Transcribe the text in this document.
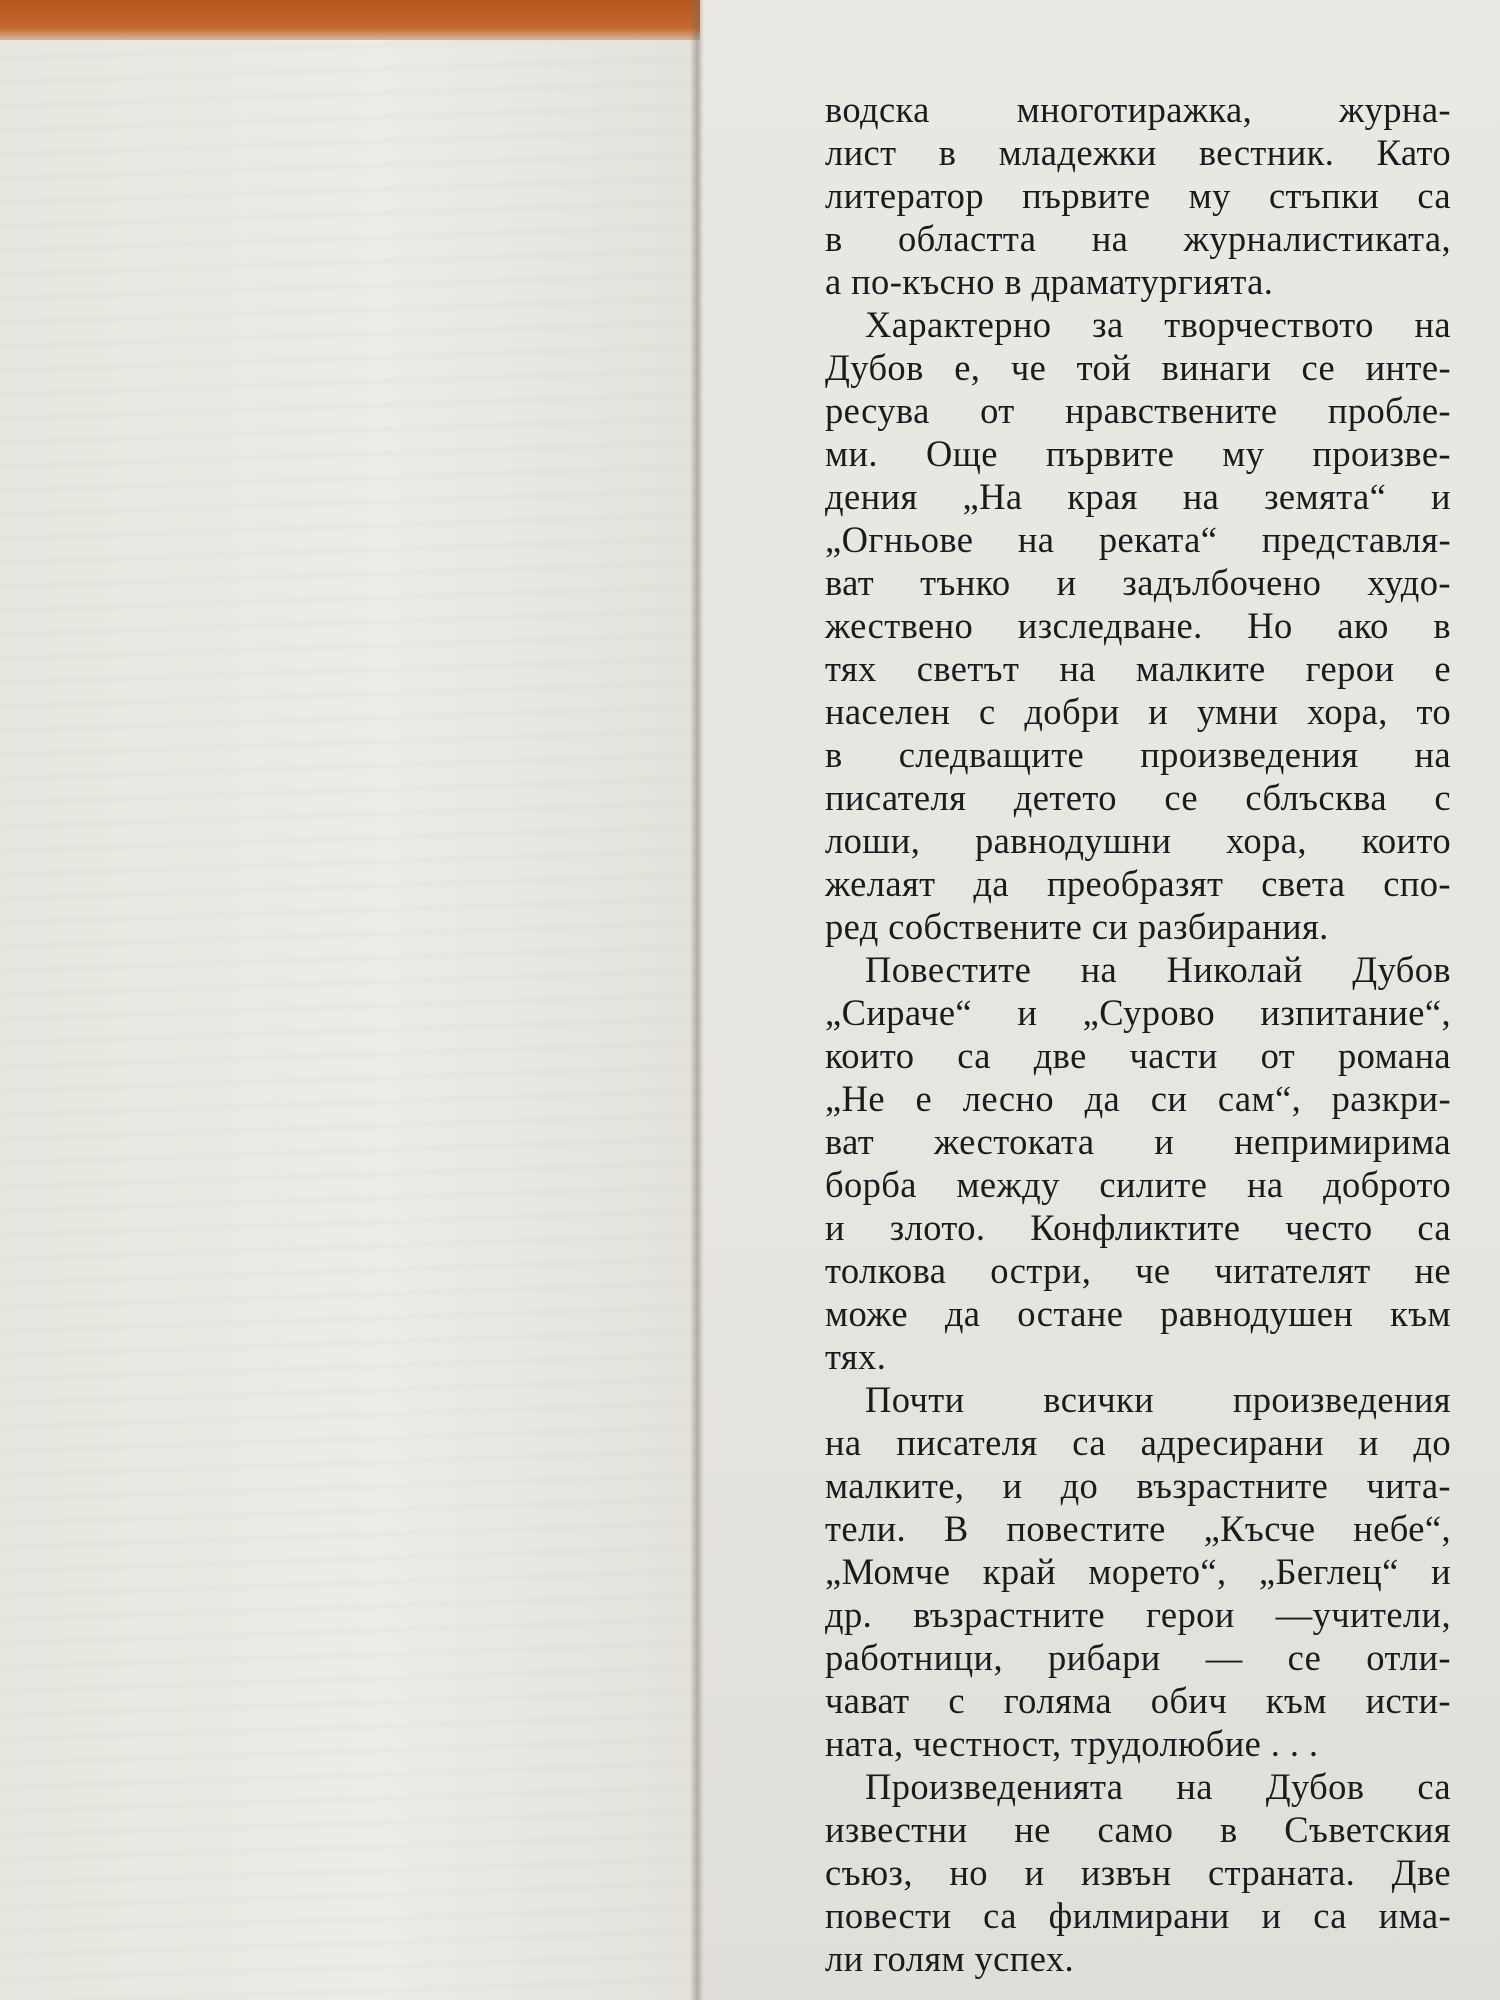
водска многотиражка, журна-
лист в младежки вестник. Като
литератор първите му стъпки са
в областта на журналистиката,
а по-късно в драматургията.
Характерно за творчеството на
Дубов е, че той винаги се инте-
ресува от нравствените пробле-
ми. Още първите му произве-
дения „На края на земята“ и
„Огньове на реката“ представля-
ват тънко и задълбочено худо-
жествено изследване. Но ако в
тях светът на малките герои е
населен с добри и умни хора, то
в следващите произведения на
писателя детето се сблъсква с
лоши, равнодушни хора, които
желаят да преобразят света спо-
ред собствените си разбирания.
Повестите на Николай Дубов
„Сираче“ и „Сурово изпитание“,
които са две части от романа
„Не е лесно да си сам“, разкри-
ват жестоката и непримирима
борба между силите на доброто
и злото. Конфликтите често са
толкова остри, че читателят не
може да остане равнодушен към
тях.
Почти всички произведения
на писателя са адресирани и до
малките, и до възрастните чита-
тели. В повестите „Късче небе“,
„Момче край морето“, „Беглец“ и
др. възрастните герои —учители,
работници, рибари — се отли-
чават с голяма обич към исти-
ната, честност, трудолюбие . . .
Произведенията на Дубов са
известни не само в Съветския
съюз, но и извън страната. Две
повести са филмирани и са има-
ли голям успех.
